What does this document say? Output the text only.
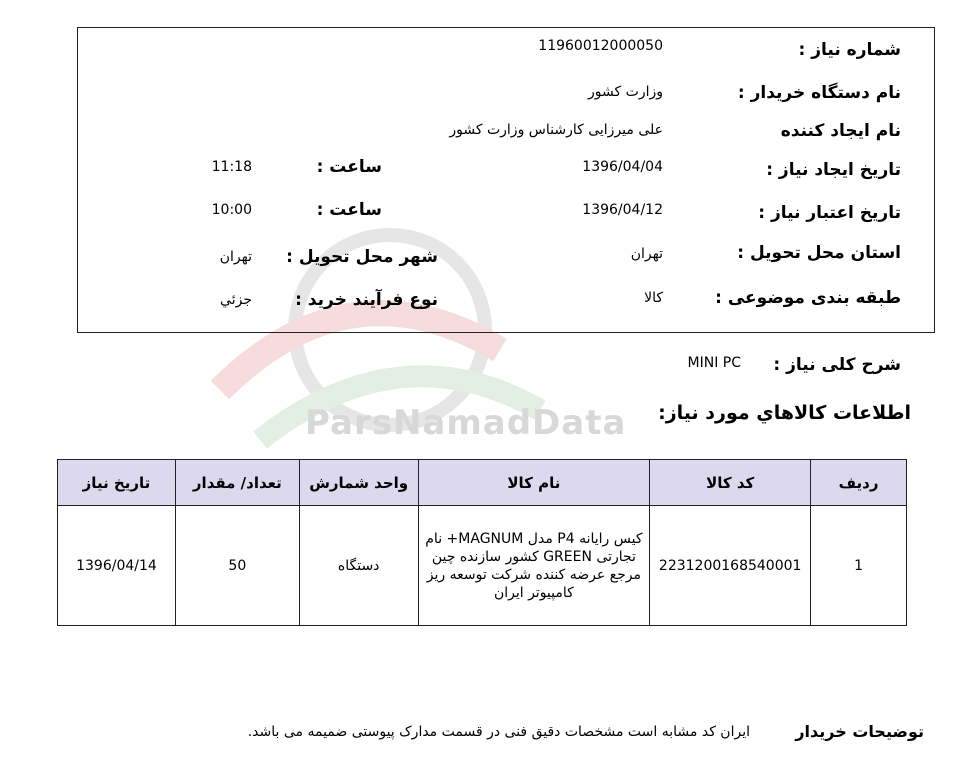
ParsNamadData
شماره نیاز :
11960012000050
نام دستگاه خریدار :
وزارت کشور
نام ایجاد کننده
علی میرزایی کارشناس وزارت کشور
تاریخ ایجاد نیاز :
1396/04/04
ساعت :
11:18
تاریخ اعتبار نیاز :
1396/04/12
ساعت :
10:00
استان محل تحویل :
تهران
شهر محل تحویل :
تهران
طبقه بندی موضوعی :
کالا
نوع فرآیند خرید :
جزئي
شرح کلی نیاز :
MINI PC
اطلاعات کالاهاي مورد نیاز:
ردیف	کد کالا	نام کالا	واحد شمارش	تعداد/ مقدار	تاریخ نیاز
1	2231200168540001	کیس رایانه P4 مدل MAGNUM+ نام تجارتی GREEN کشور سازنده چین مرجع عرضه کننده شرکت توسعه ریز کامپیوتر ایران	دستگاه	50	1396/04/14
توضیحات خریدار
ایران کد مشابه است مشخصات دقیق فنی در قسمت مدارک پیوستی ضمیمه می باشد.
